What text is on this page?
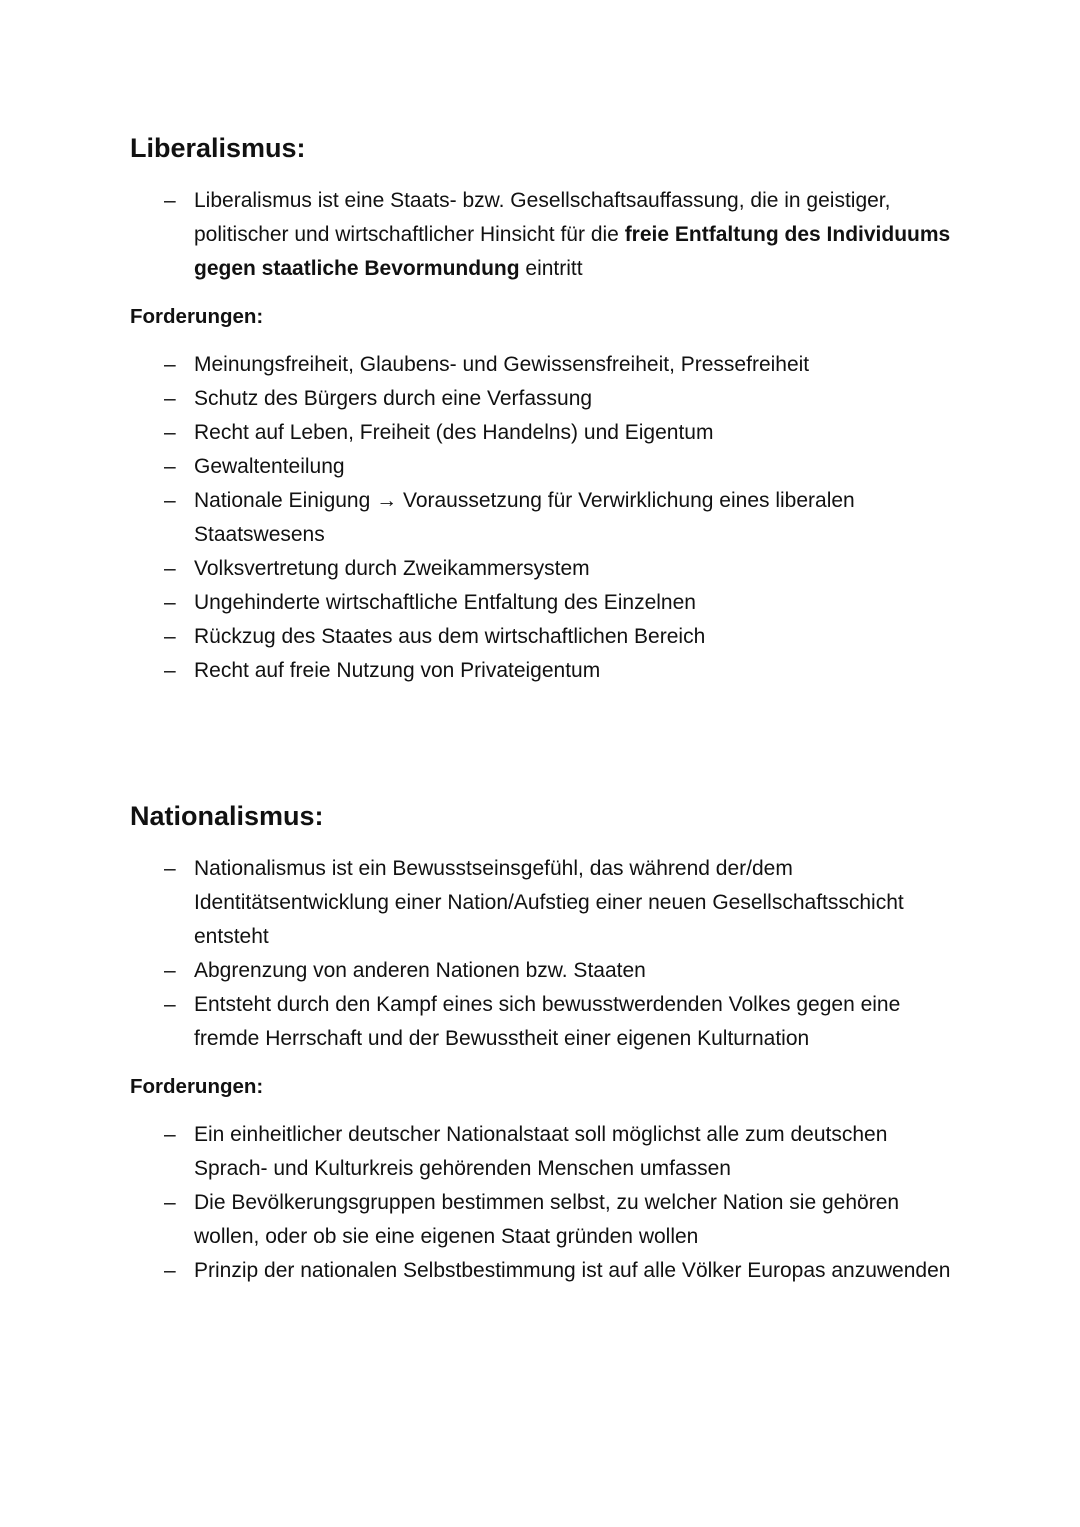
Liberalismus:
– Liberalismus ist eine Staats- bzw. Gesellschaftsauffassung, die in geistiger, politischer und wirtschaftlicher Hinsicht für die freie Entfaltung des Individuums gegen staatliche Bevormundung eintritt
Forderungen:
– Meinungsfreiheit, Glaubens- und Gewissensfreiheit, Pressefreiheit
– Schutz des Bürgers durch eine Verfassung
– Recht auf Leben, Freiheit (des Handelns) und Eigentum
– Gewaltenteilung
– Nationale Einigung → Voraussetzung für Verwirklichung eines liberalen Staatswesens
– Volksvertretung durch Zweikammersystem
– Ungehinderte wirtschaftliche Entfaltung des Einzelnen
– Rückzug des Staates aus dem wirtschaftlichen Bereich
– Recht auf freie Nutzung von Privateigentum
Nationalismus:
– Nationalismus ist ein Bewusstseinsgefühl, das während der/dem Identitätsentwicklung einer Nation/Aufstieg einer neuen Gesellschaftsschicht entsteht
– Abgrenzung von anderen Nationen bzw. Staaten
– Entsteht durch den Kampf eines sich bewusstwerdenden Volkes gegen eine fremde Herrschaft und der Bewusstheit einer eigenen Kulturnation
Forderungen:
– Ein einheitlicher deutscher Nationalstaat soll möglichst alle zum deutschen Sprach- und Kulturkreis gehörenden Menschen umfassen
– Die Bevölkerungsgruppen bestimmen selbst, zu welcher Nation sie gehören wollen, oder ob sie eine eigenen Staat gründen wollen
– Prinzip der nationalen Selbstbestimmung ist auf alle Völker Europas anzuwenden
